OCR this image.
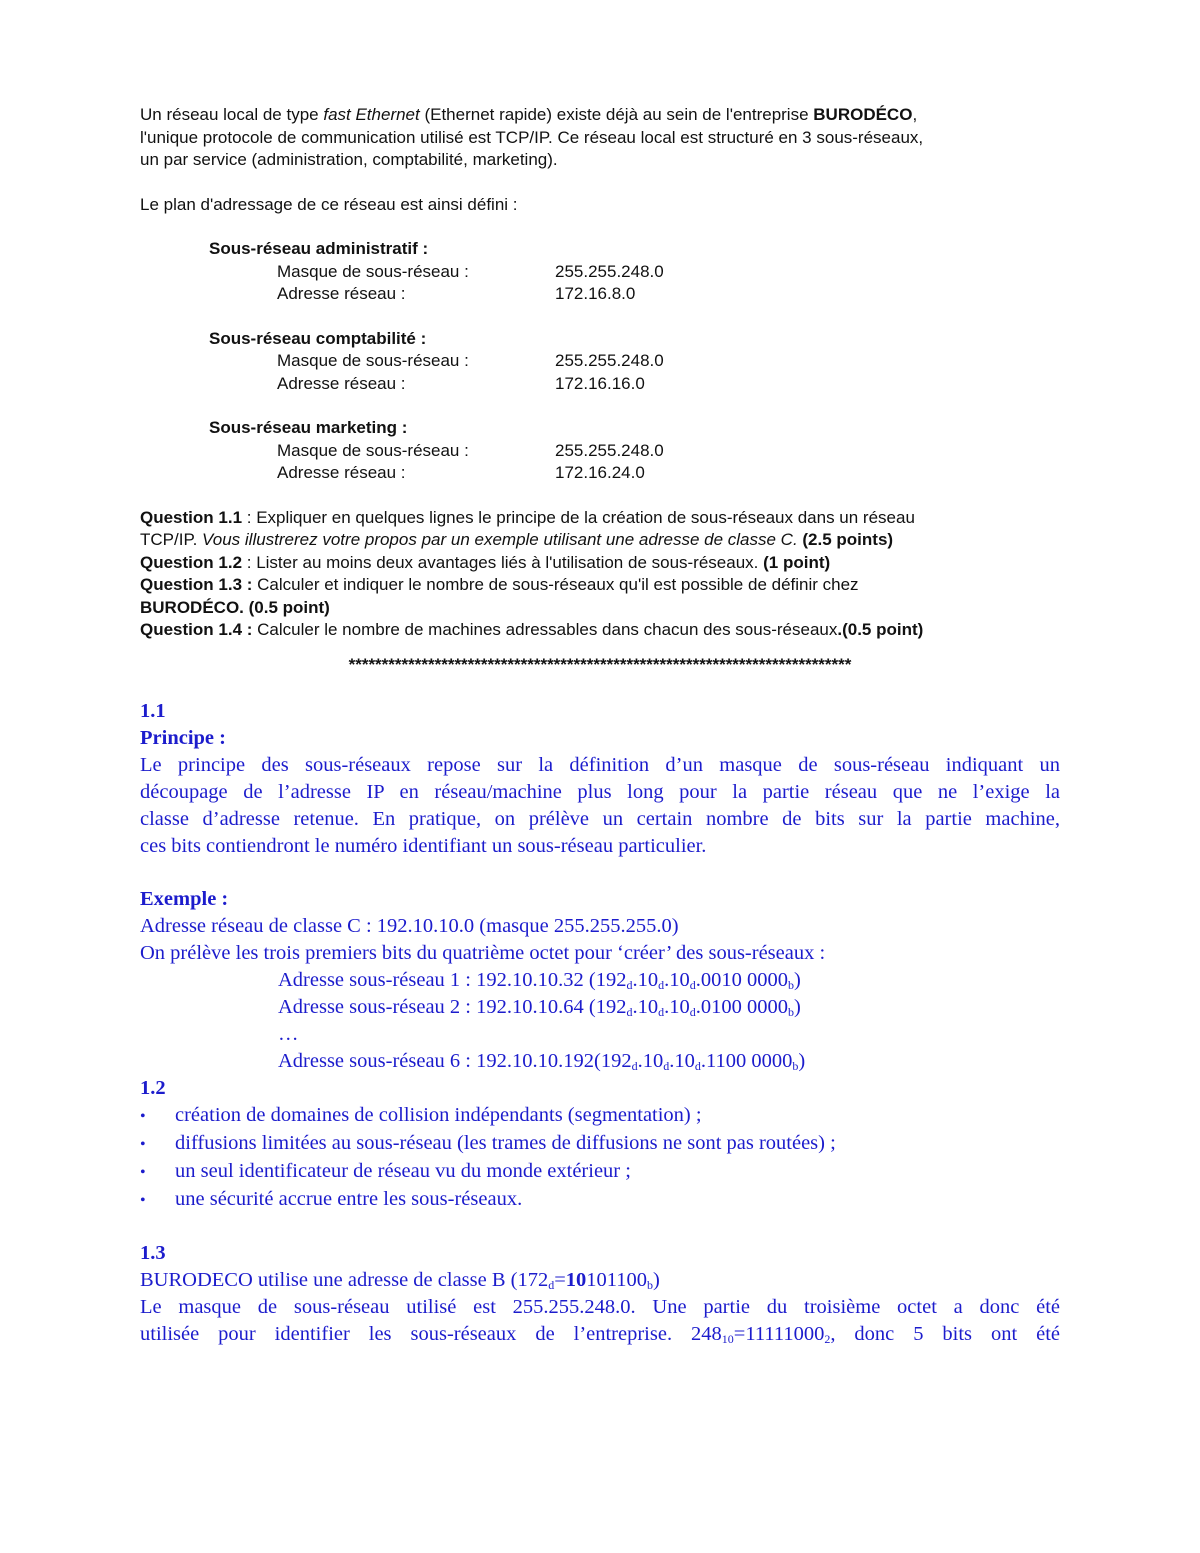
Un réseau local de type fast Ethernet (Ethernet rapide) existe déjà au sein de l'entreprise BURODÉCO,

l'unique protocole de communication utilisé est TCP/IP. Ce réseau local est structuré en 3 sous-réseaux,

un par service (administration, comptabilité, marketing).

Le plan d'adressage de ce réseau est ainsi défini :

Sous-réseau administratif :

Masque de sous-réseau :	255.255.248.0
Adresse réseau :	172.16.8.0

Sous-réseau comptabilité :

Masque de sous-réseau :	255.255.248.0
Adresse réseau :	172.16.16.0

Sous-réseau marketing :

Masque de sous-réseau :	255.255.248.0
Adresse réseau :	172.16.24.0

Question 1.1 : Expliquer en quelques lignes le principe de la création de sous-réseaux dans un réseau

TCP/IP. Vous illustrerez votre propos par un exemple utilisant une adresse de classe C. (2.5 points)

Question 1.2 : Lister au moins deux avantages liés à l'utilisation de sous-réseaux. (1 point)

Question 1.3 : Calculer et indiquer le nombre de sous-réseaux qu'il est possible de définir chez

BURODÉCO. (0.5 point)

Question 1.4 : Calculer le nombre de machines adressables dans chacun des sous-réseaux.(0.5 point)

****************************************************************************

1.1

Principe :

Le principe des sous-réseaux repose sur la définition d’un masque de sous-réseau indiquant un

découpage de l’adresse IP en réseau/machine plus long pour la partie réseau que ne l’exige la

classe d’adresse retenue. En pratique, on prélève un certain nombre de bits sur la partie machine,

ces bits contiendront le numéro identifiant un sous-réseau particulier.

Exemple :

Adresse réseau de classe C : 192.10.10.0 (masque 255.255.255.0)

On prélève les trois premiers bits du quatrième octet pour ‘créer’ des sous-réseaux :

Adresse sous-réseau 1 : 192.10.10.32 ($192_d.10_d.10_d.0010$ $0000_b$)

Adresse sous-réseau 2 : 192.10.10.64 ($192_d.10_d.10_d.0100$ $0000_b$)

…

Adresse sous-réseau 6 : $192.10.10.192(192_d.10_d.10_d.1100$ $0000_b$)

1.2

•	création de domaines de collision indépendants (segmentation) ;
•	diffusions limitées au sous-réseau (les trames de diffusions ne sont pas routées) ;
•	un seul identificateur de réseau vu du monde extérieur ;
•	une sécurité accrue entre les sous-réseaux.

1.3

BURODECO utilise une adresse de classe B $(172_d=10101100_b)$

Le masque de sous-réseau utilisé est 255.255.248.0. Une partie du troisième octet a donc été

utilisée pour identifier les sous-réseaux de l’entreprise. $248_{10}=11111000_2$, donc 5 bits ont été
